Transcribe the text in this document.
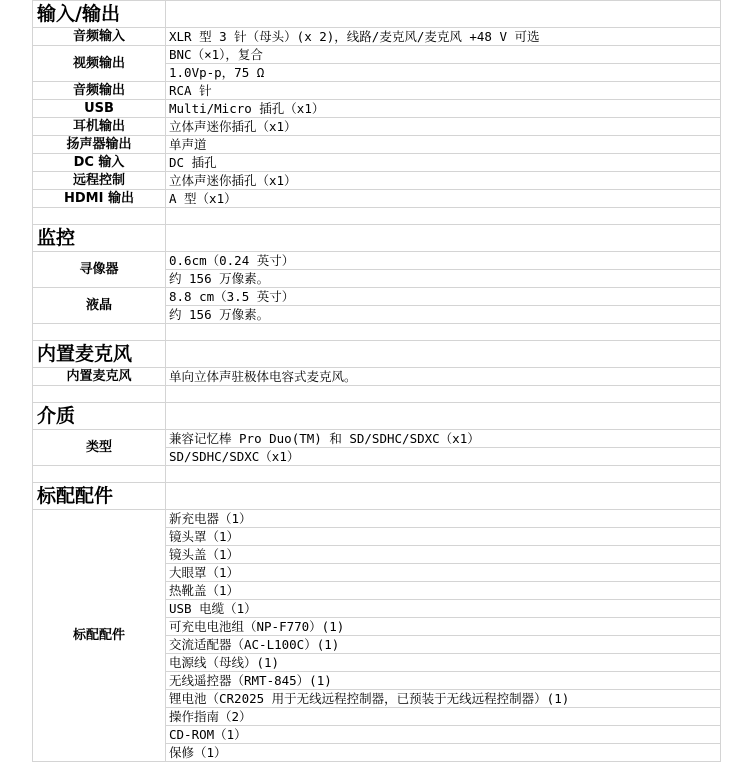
输入/输出	
音频输入	XLR 型 3 针（母头）(x 2)，线路/麦克风/麦克风 +48 V 可选
视频输出	BNC（×1），复合
	1.0Vp-p，75 Ω
音频输出	RCA 针
USB	Multi/Micro 插孔（x1）
耳机输出	立体声迷你插孔（x1）
扬声器输出	单声道
DC 输入	DC 插孔
远程控制	立体声迷你插孔（x1）
HDMI 输出	A 型（x1）

监控	
寻像器	0.6cm（0.24 英寸）
	约 156 万像素。
液晶	8.8 cm（3.5 英寸）
	约 156 万像素。

内置麦克风	
内置麦克风	单向立体声驻极体电容式麦克风。

介质	
类型	兼容记忆棒 Pro Duo(TM) 和 SD/SDHC/SDXC（x1）
	SD/SDHC/SDXC（x1）

标配配件	
标配配件	新充电器（1）
	镜头罩（1）
	镜头盖（1）
	大眼罩（1）
	热靴盖（1）
	USB 电缆（1）
	可充电电池组（NP-F770）(1)
	交流适配器（AC-L100C）(1)
	电源线（母线）(1)
	无线遥控器（RMT-845）(1)
	锂电池（CR2025 用于无线远程控制器，已预装于无线远程控制器）(1)
	操作指南（2）
	CD-ROM（1）
	保修（1）
